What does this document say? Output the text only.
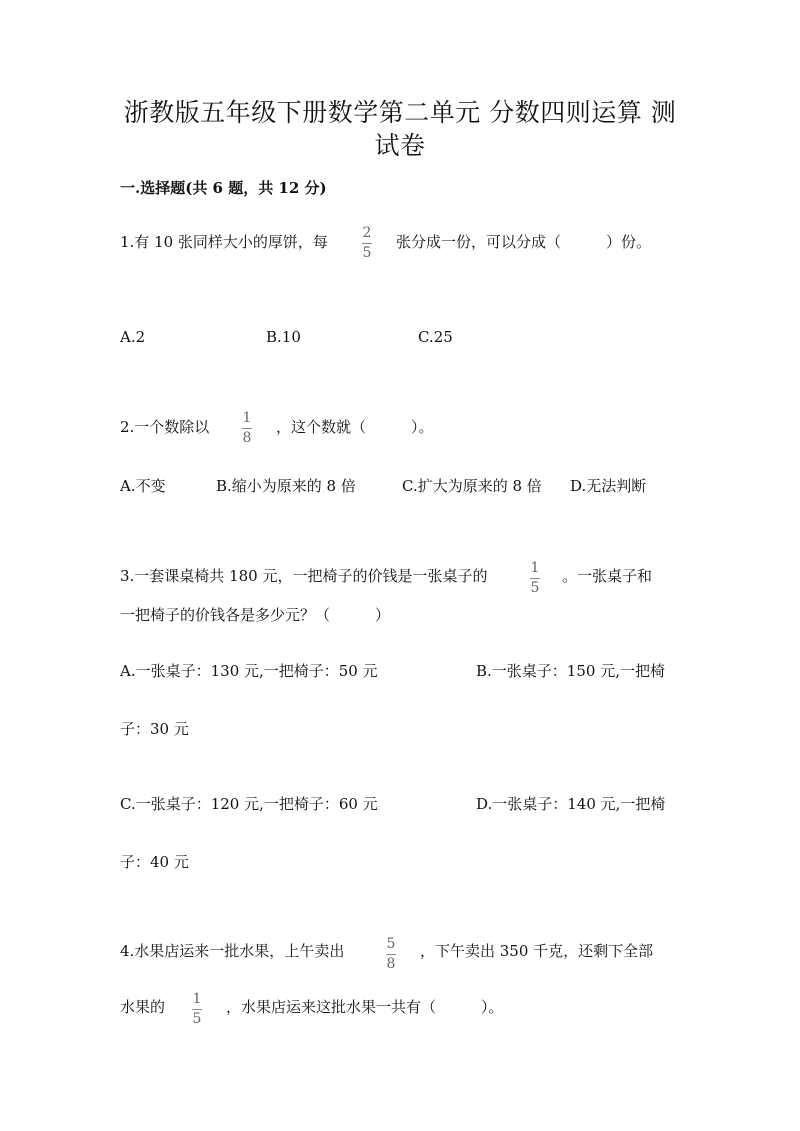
浙教版五年级下册数学第二单元 分数四则运算 测
试卷
一.选择题(共 6 题，共 12 分)
1.有 10 张同样大小的厚饼，每 2
5
张分成一份，可以分成（　　　）份。
A.2	B.10	C.25
2.一个数除以 1
8
，这个数就（　　　）。
A.不变	B.缩小为原来的 8 倍	C.扩大为原来的 8 倍 D.无法判断
3.一套课桌椅共 180 元，一把椅子的价钱是一张桌子的	1
5
。一张桌子和
一把椅子的价钱各是多少元？（　　　）
A.一张桌子：130 元,一把椅子：50 元	B.一张桌子：150 元,一把椅
子：30 元
C.一张桌子：120 元,一把椅子：60 元	D.一张桌子：140 元,一把椅
子：40 元
4.水果店运来一批水果，上午卖出	5
8
，下午卖出 350 千克，还剩下全部
水果的 1
5
，水果店运来这批水果一共有（　　　）。
